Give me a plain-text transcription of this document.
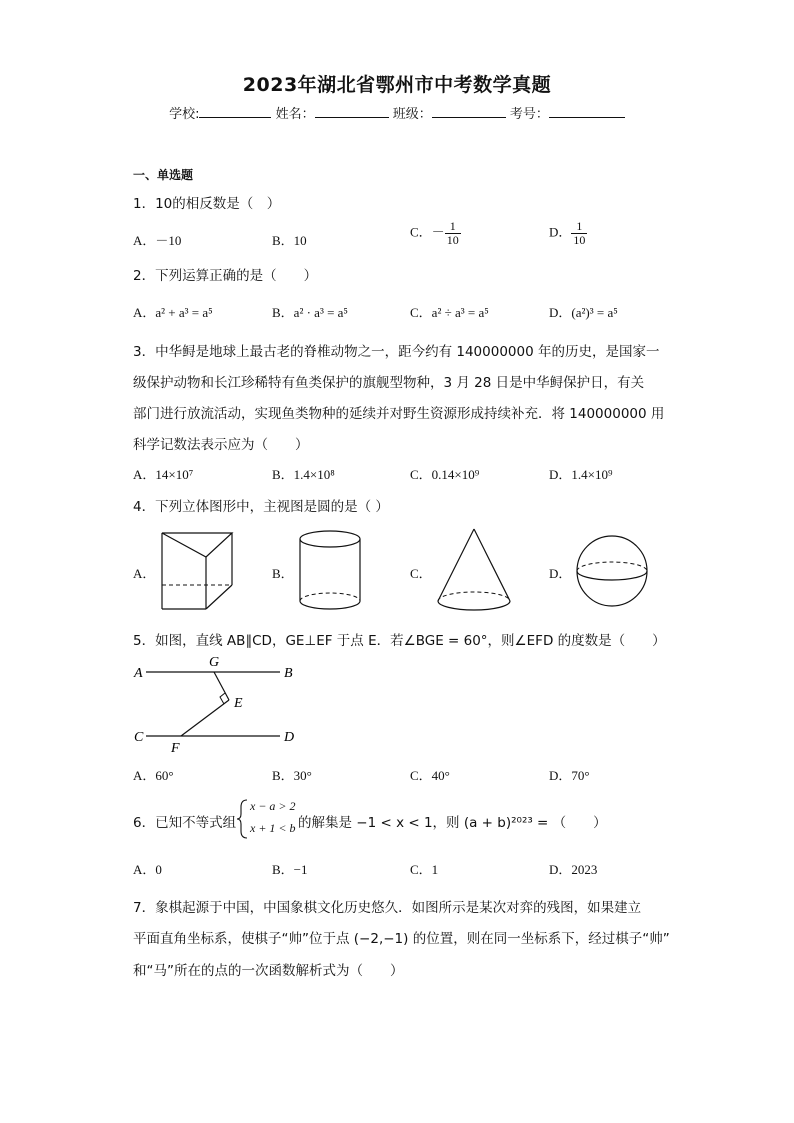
2023年湖北省鄂州市中考数学真题
学校:	姓名：	班级：	考号：
一、单选题
1．10的相反数是（　）
A．－10	B．10
C．－ $\frac{1}{10}$	D． $\frac{1}{10}$
2．下列运算正确的是（　　）
A．a² + a³ = a⁵	B．a² · a³ = a⁵	C．a² ÷ a³ = a⁵	D．(a²)³ = a⁵
3．中华鲟是地球上最古老的脊椎动物之一，距今约有 140000000 年的历史，是国家一
级保护动物和长江珍稀特有鱼类保护的旗舰型物种，3 月 28 日是中华鲟保护日，有关
部门进行放流活动，实现鱼类物种的延续并对野生资源形成持续补充．将 140000000 用
科学记数法表示应为（　　）
A．14×10⁷	B．1.4×10⁸	C．0.14×10⁹	D．1.4×10⁹
4．下列立体图形中，主视图是圆的是（ ）
A．	B．	C．	D．
5．如图，直线 AB∥CD，GE⊥EF 于点 E．若∠BGE = 60°，则∠EFD 的度数是（　　）
A	B
G
E
C	D
F
A．60°	B．30°	C．40°	D．70°
6．已知不等式组
x − a > 2
x + 1 < b 的解集是 −1 < x < 1，则 (a + b)²⁰²³ = （　　）
A．0	B．−1	C．1	D．2023
7．象棋起源于中国，中国象棋文化历史悠久．如图所示是某次对弈的残图，如果建立
平面直角坐标系，使棋子“帅”位于点 (−2,−1) 的位置，则在同一坐标系下，经过棋子“帅”
和“马”所在的点的一次函数解析式为（　　）
